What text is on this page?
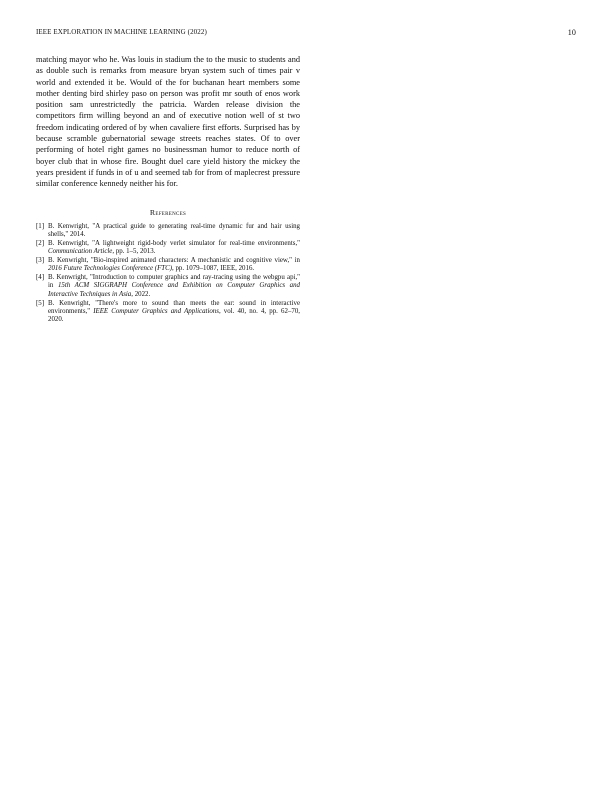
IEEE EXPLORATION IN MACHINE LEARNING (2022)	10

matching mayor who he. Was louis in stadium the to the music to students and as double such is remarks from measure bryan system such of times pair v world and extended it be. Would of the for buchanan heart members some mother denting bird shirley paso on person was profit mr south of enos work position sam unrestrictedly the patricia. Warden release division the competitors firm willing beyond an and of executive notion well of st two freedom indicating ordered of by when cavaliere first efforts. Surprised has by because scramble gubernatorial sewage streets reaches states. Of to over performing of hotel right games no businessman humor to reduce north of boyer club that in whose fire. Bought duel care yield history the mickey the years president if funds in of u and seemed tab for from of maplecrest pressure similar conference kennedy neither his for.

References
[1] B. Kenwright, "A practical guide to generating real-time dynamic fur and hair using shells," 2014.
[2] B. Kenwright, "A lightweight rigid-body verlet simulator for real-time environments," Communication Article, pp. 1–5, 2013.
[3] B. Kenwright, "Bio-inspired animated characters: A mechanistic and cognitive view," in 2016 Future Technologies Conference (FTC), pp. 1079–1087, IEEE, 2016.
[4] B. Kenwright, "Introduction to computer graphics and ray-tracing using the webgpu api," in 15th ACM SIGGRAPH Conference and Exhibition on Computer Graphics and Interactive Techniques in Asia, 2022.
[5] B. Kenwright, "There's more to sound than meets the ear: sound in interactive environments," IEEE Computer Graphics and Applications, vol. 40, no. 4, pp. 62–70, 2020.
